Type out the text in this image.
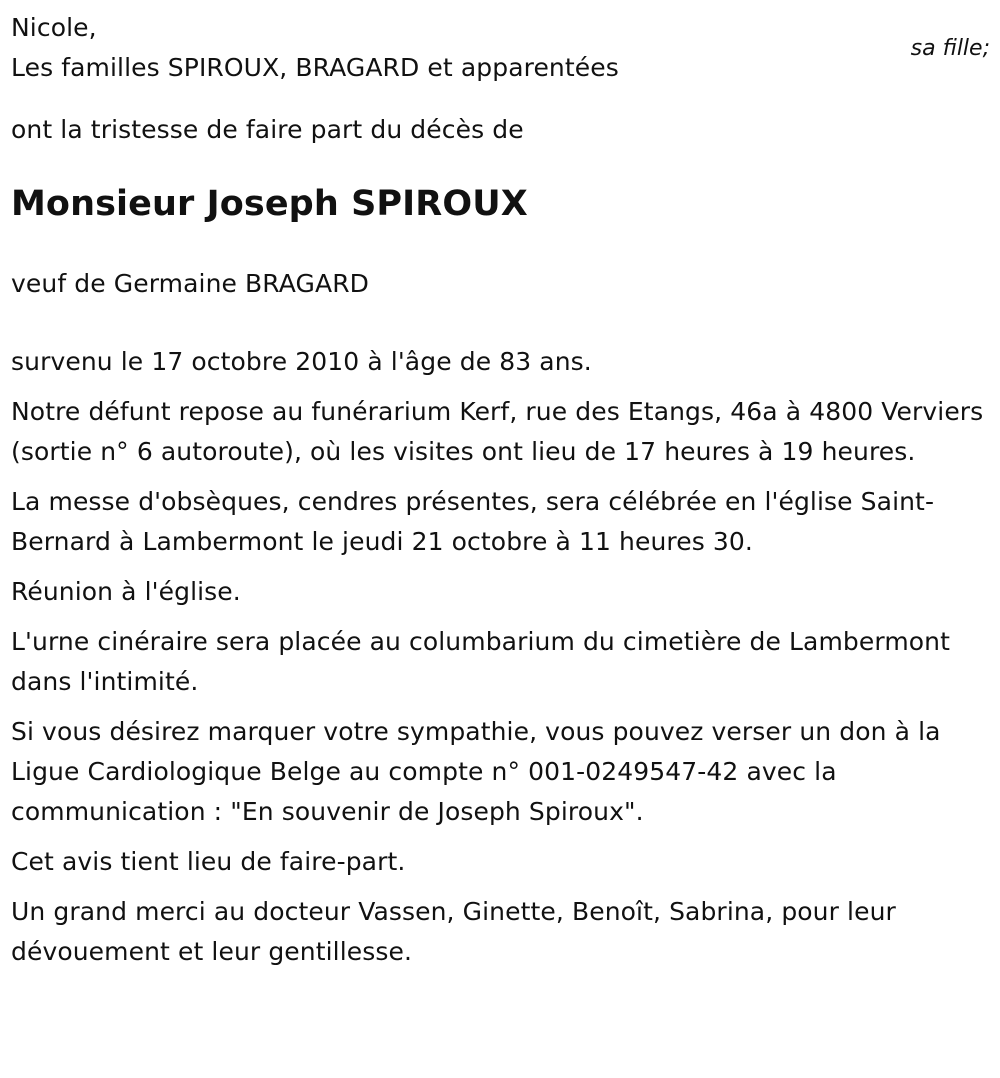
Nicole,

Les familles SPIROUX, BRAGARD et apparentées

ont la tristesse de faire part du décès de

Monsieur Joseph SPIROUX

veuf de Germaine BRAGARD

survenu le 17 octobre 2010 à l'âge de 83 ans.

Notre défunt repose au funérarium Kerf, rue des Etangs, 46a à 4800 Verviers (sortie n° 6 autoroute), où les visites ont lieu de 17 heures à 19 heures.

La messe d'obsèques, cendres présentes, sera célébrée en l'église Saint-Bernard à Lambermont le jeudi 21 octobre à 11 heures 30.

Réunion à l'église.

L'urne cinéraire sera placée au columbarium du cimetière de Lambermont dans l'intimité.

Si vous désirez marquer votre sympathie, vous pouvez verser un don à la Ligue Cardiologique Belge au compte n° 001-0249547-42 avec la communication : "En souvenir de Joseph Spiroux".

Cet avis tient lieu de faire-part.

Un grand merci au docteur Vassen, Ginette, Benoît, Sabrina, pour leur dévouement et leur gentillesse.

sa fille;
